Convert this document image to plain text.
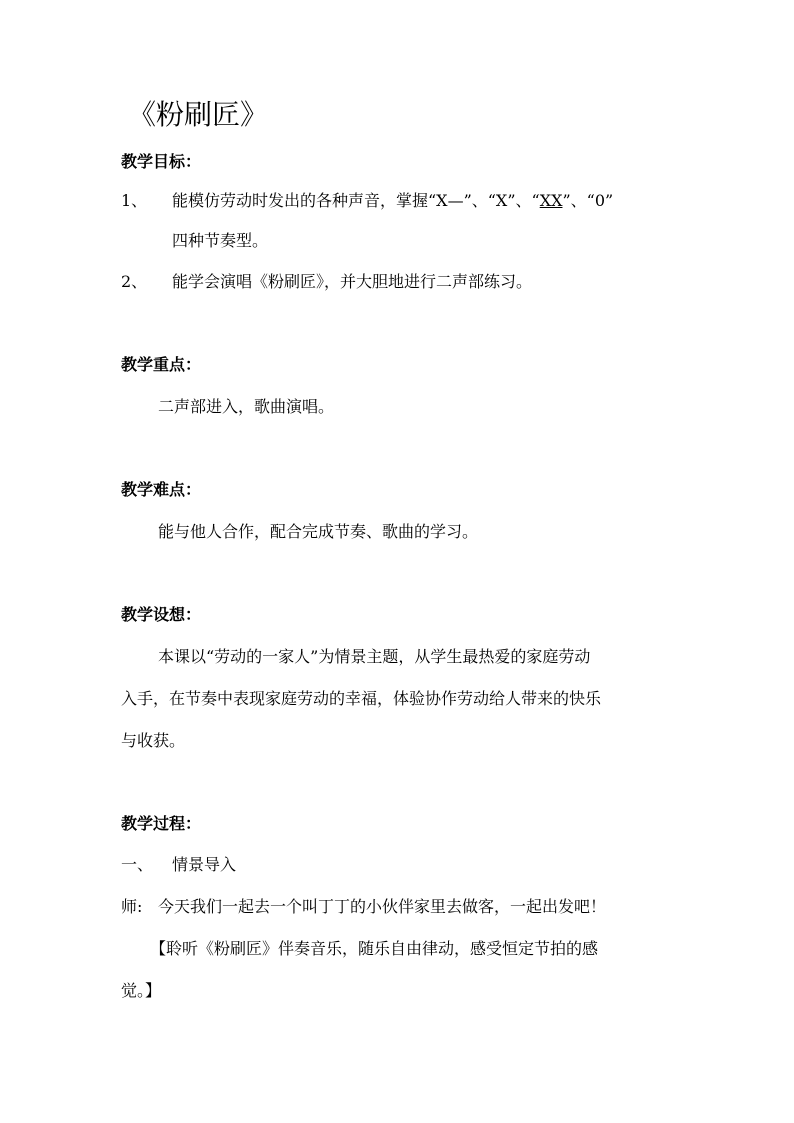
《粉刷匠》
教学目标：
1、 能模仿劳动时发出的各种声音，掌握“X—”、“X”、“XX”、“0”
四种节奏型。
2、 能学会演唱《粉刷匠》，并大胆地进行二声部练习。
教学重点：
二声部进入，歌曲演唱。
教学难点：
能与他人合作，配合完成节奏、歌曲的学习。
教学设想：
本课以“劳动的一家人”为情景主题，从学生最热爱的家庭劳动
入手，在节奏中表现家庭劳动的幸福，体验协作劳动给人带来的快乐
与收获。
教学过程：
一、 情景导入
师: 今天我们一起去一个叫丁丁的小伙伴家里去做客，一起出发吧！
【聆听《粉刷匠》伴奏音乐，随乐自由律动，感受恒定节拍的感
觉。】
